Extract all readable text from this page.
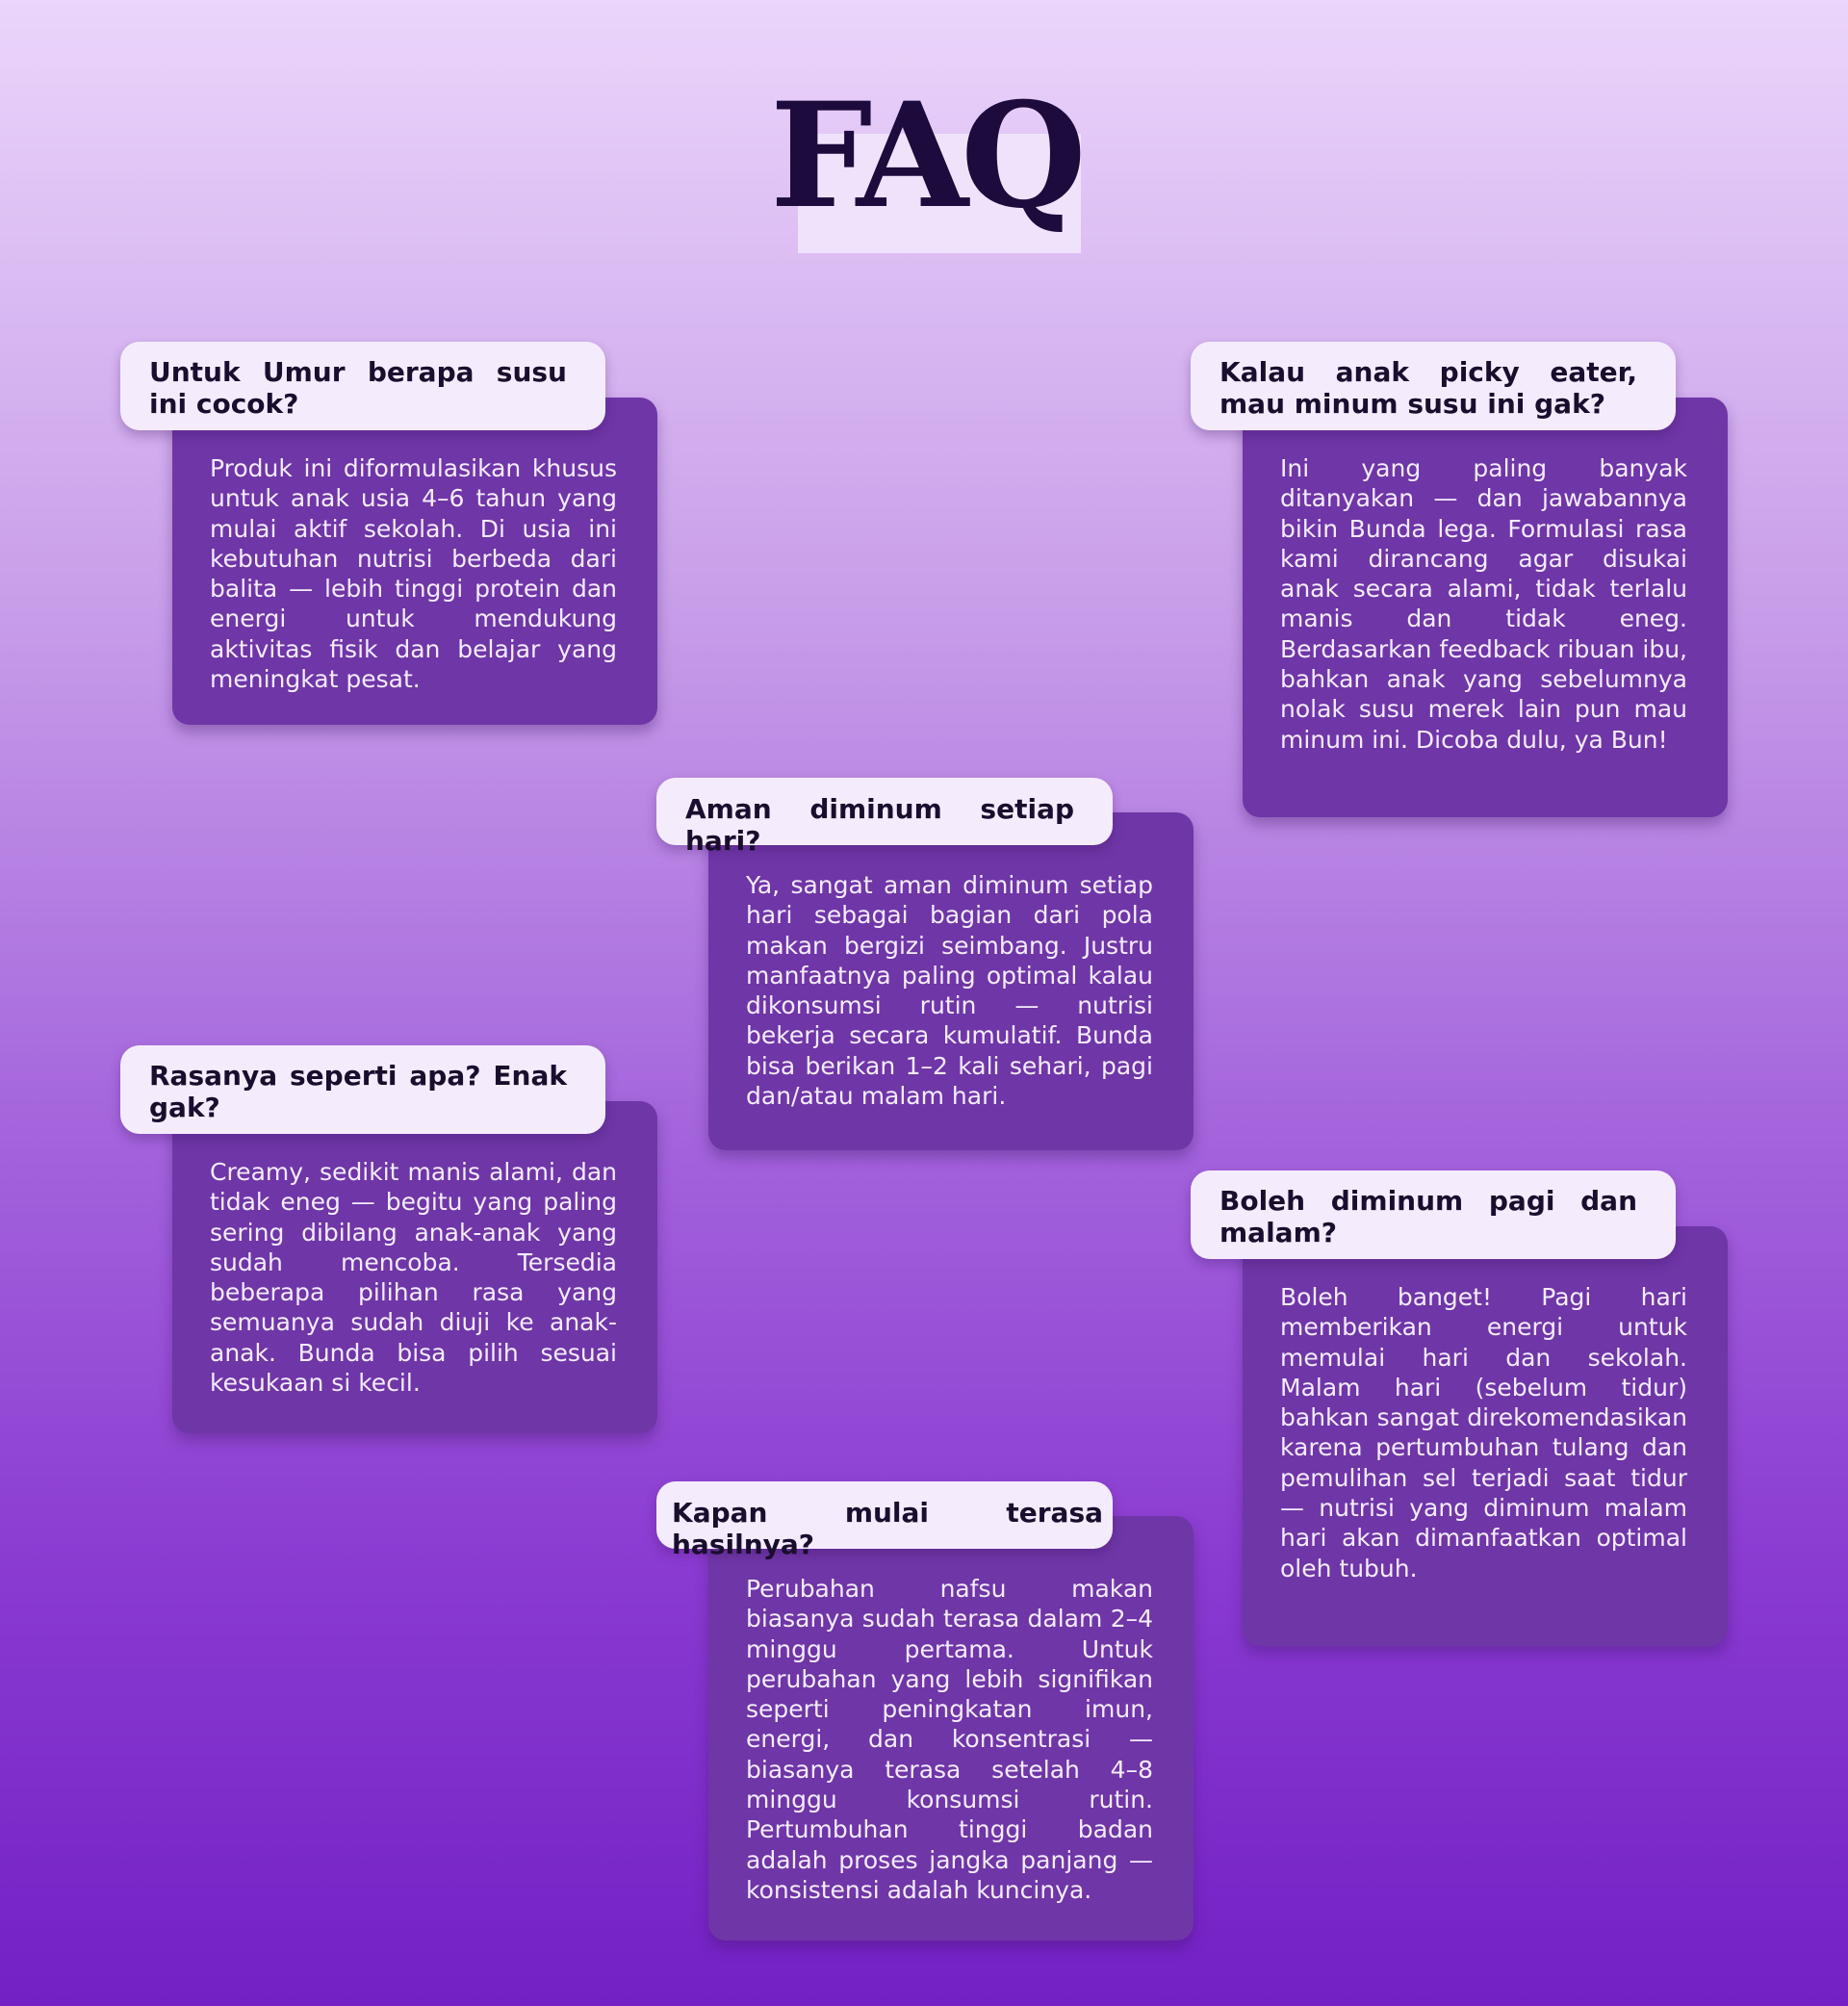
FAQ
Untuk Umur berapa susu ini cocok?
Produk ini diformulasikan khusus untuk anak usia 4–6 tahun yang mulai aktif sekolah. Di usia ini kebutuhan nutrisi berbeda dari balita — lebih tinggi protein dan energi untuk mendukung aktivitas fisik dan belajar yang meningkat pesat.
Kalau anak picky eater, mau minum susu ini gak?
Ini yang paling banyak ditanyakan — dan jawabannya bikin Bunda lega. Formulasi rasa kami dirancang agar disukai anak secara alami, tidak terlalu manis dan tidak eneg. Berdasarkan feedback ribuan ibu, bahkan anak yang sebelumnya nolak susu merek lain pun mau minum ini. Dicoba dulu, ya Bun!
Aman diminum setiap hari?
Ya, sangat aman diminum setiap hari sebagai bagian dari pola makan bergizi seimbang. Justru manfaatnya paling optimal kalau dikonsumsi rutin — nutrisi bekerja secara kumulatif. Bunda bisa berikan 1–2 kali sehari, pagi dan/atau malam hari.
Rasanya seperti apa? Enak gak?
Creamy, sedikit manis alami, dan tidak eneg — begitu yang paling sering dibilang anak-anak yang sudah mencoba. Tersedia beberapa pilihan rasa yang semuanya sudah diuji ke anak-anak. Bunda bisa pilih sesuai kesukaan si kecil.
Boleh diminum pagi dan malam?
Boleh banget! Pagi hari memberikan energi untuk memulai hari dan sekolah. Malam hari (sebelum tidur) bahkan sangat direkomendasikan karena pertumbuhan tulang dan pemulihan sel terjadi saat tidur — nutrisi yang diminum malam hari akan dimanfaatkan optimal oleh tubuh.
Kapan mulai terasa hasilnya?
Perubahan nafsu makan biasanya sudah terasa dalam 2–4 minggu pertama. Untuk perubahan yang lebih signifikan seperti peningkatan imun, energi, dan konsentrasi — biasanya terasa setelah 4–8 minggu konsumsi rutin. Pertumbuhan tinggi badan adalah proses jangka panjang — konsistensi adalah kuncinya.
